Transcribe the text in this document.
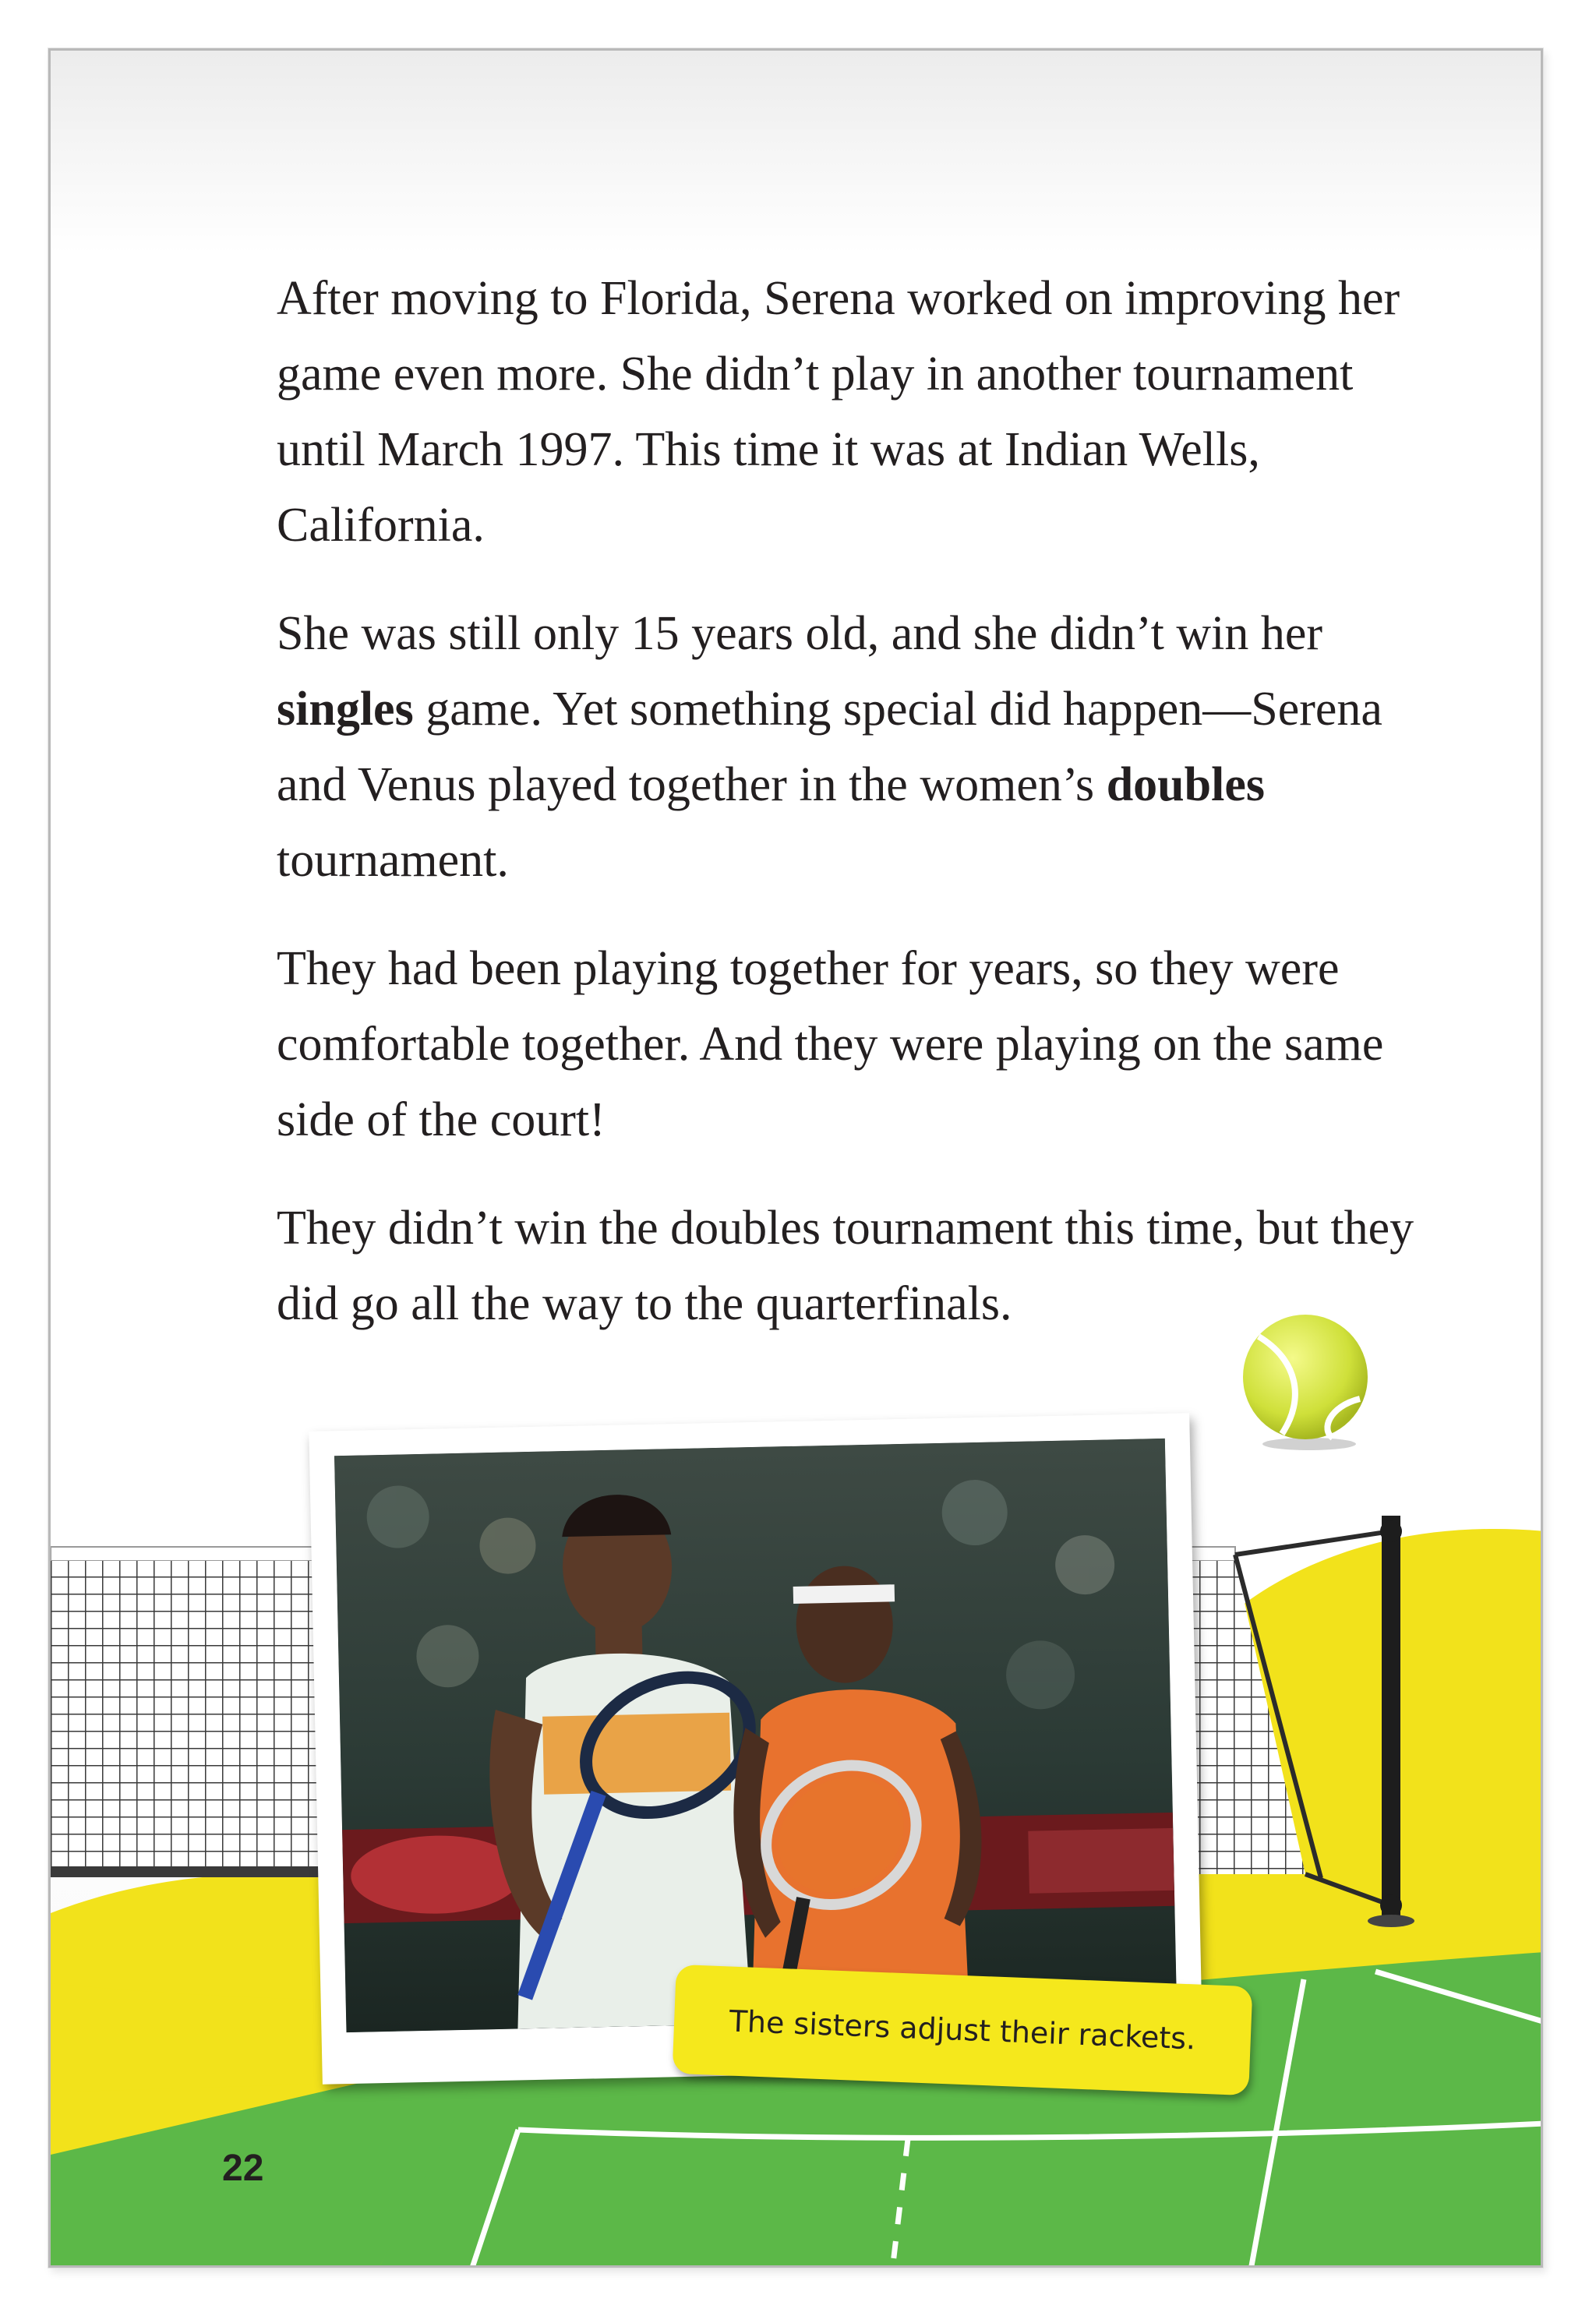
After moving to Florida, Serena worked on improving her game even more. She didn’t play in another tournament until March 1997. This time it was at Indian Wells, California.

She was still only 15 years old, and she didn’t win her singles game. Yet something special did happen—Serena and Venus played together in the women’s doubles tournament.

They had been playing together for years, so they were comfortable together. And they were playing on the same side of the court!

They didn’t win the doubles tournament this time, but they did go all the way to the quarterfinals.

The sisters adjust their rackets.
22
